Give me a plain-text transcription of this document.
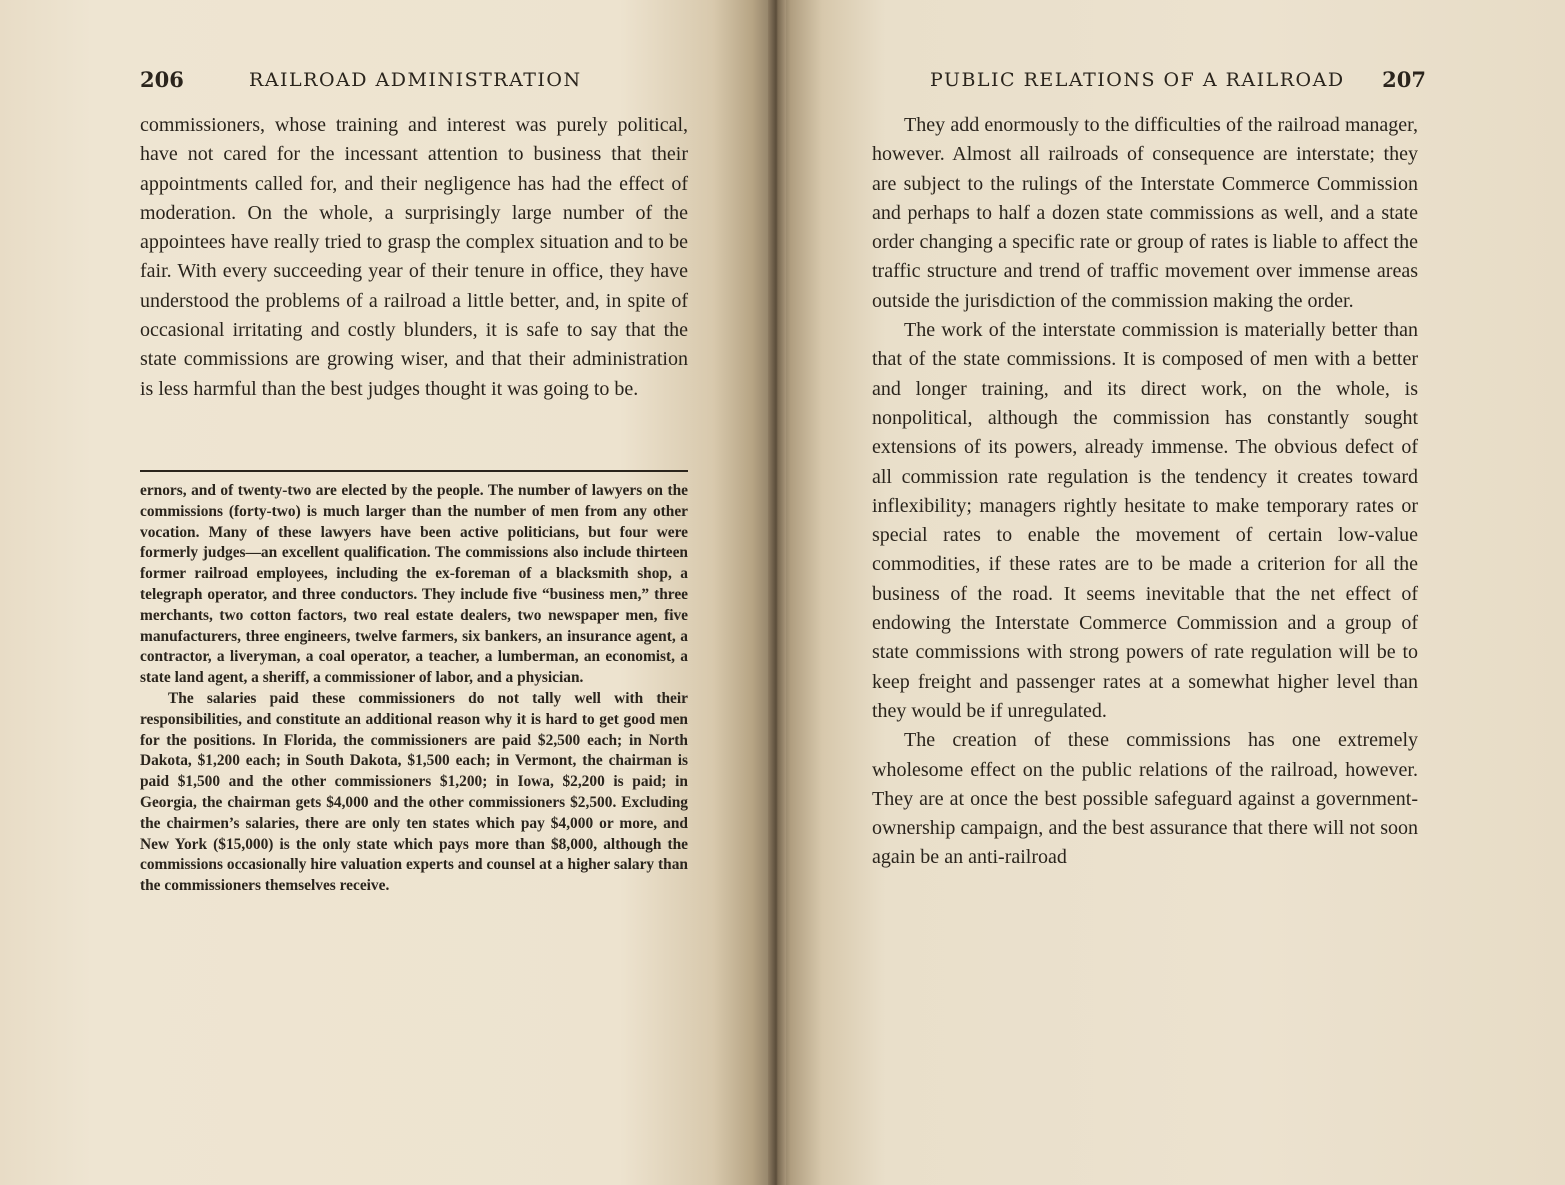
206	RAILROAD ADMINISTRATION

commissioners, whose training and interest was purely political, have not cared for the incessant attention to business that their appointments called for, and their negligence has had the effect of moderation. On the whole, a surprisingly large number of the appointees have really tried to grasp the complex situation and to be fair. With every succeeding year of their tenure in office, they have understood the problems of a railroad a little better, and, in spite of occasional irritating and costly blunders, it is safe to say that the state commissions are growing wiser, and that their administration is less harmful than the best judges thought it was going to be.

ernors, and of twenty-two are elected by the people. The number of lawyers on the commissions (forty-two) is much larger than the number of men from any other vocation. Many of these lawyers have been active politicians, but four were formerly judges—an excellent qualification. The commissions also include thirteen former railroad employees, including the ex-foreman of a blacksmith shop, a telegraph operator, and three conductors. They include five “business men,” three merchants, two cotton factors, two real estate dealers, two newspaper men, five manufacturers, three engineers, twelve farmers, six bankers, an insurance agent, a contractor, a liveryman, a coal operator, a teacher, a lumberman, an economist, a state land agent, a sheriff, a commissioner of labor, and a physician.

The salaries paid these commissioners do not tally well with their responsibilities, and constitute an additional reason why it is hard to get good men for the positions. In Florida, the commissioners are paid $2,500 each; in North Dakota, $1,200 each; in South Dakota, $1,500 each; in Vermont, the chairman is paid $1,500 and the other commissioners $1,200; in Iowa, $2,200 is paid; in Georgia, the chairman gets $4,000 and the other commissioners $2,500. Excluding the chairmen’s salaries, there are only ten states which pay $4,000 or more, and New York ($15,000) is the only state which pays more than $8,000, although the commissions occasionally hire valuation experts and counsel at a higher salary than the commissioners themselves receive.

PUBLIC RELATIONS OF A RAILROAD 207

They add enormously to the difficulties of the railroad manager, however. Almost all railroads of consequence are interstate; they are subject to the rulings of the Interstate Commerce Commission and perhaps to half a dozen state commissions as well, and a state order changing a specific rate or group of rates is liable to affect the traffic structure and trend of traffic movement over immense areas outside the jurisdiction of the commission making the order.

The work of the interstate commission is materially better than that of the state commissions. It is composed of men with a better and longer training, and its direct work, on the whole, is nonpolitical, although the commission has constantly sought extensions of its powers, already immense. The obvious defect of all commission rate regulation is the tendency it creates toward inflexibility; managers rightly hesitate to make temporary rates or special rates to enable the movement of certain low-value commodities, if these rates are to be made a criterion for all the business of the road. It seems inevitable that the net effect of endowing the Interstate Commerce Commission and a group of state commissions with strong powers of rate regulation will be to keep freight and passenger rates at a somewhat higher level than they would be if unregulated.

The creation of these commissions has one extremely wholesome effect on the public relations of the railroad, however. They are at once the best possible safeguard against a government-ownership campaign, and the best assurance that there will not soon again be an anti-railroad
